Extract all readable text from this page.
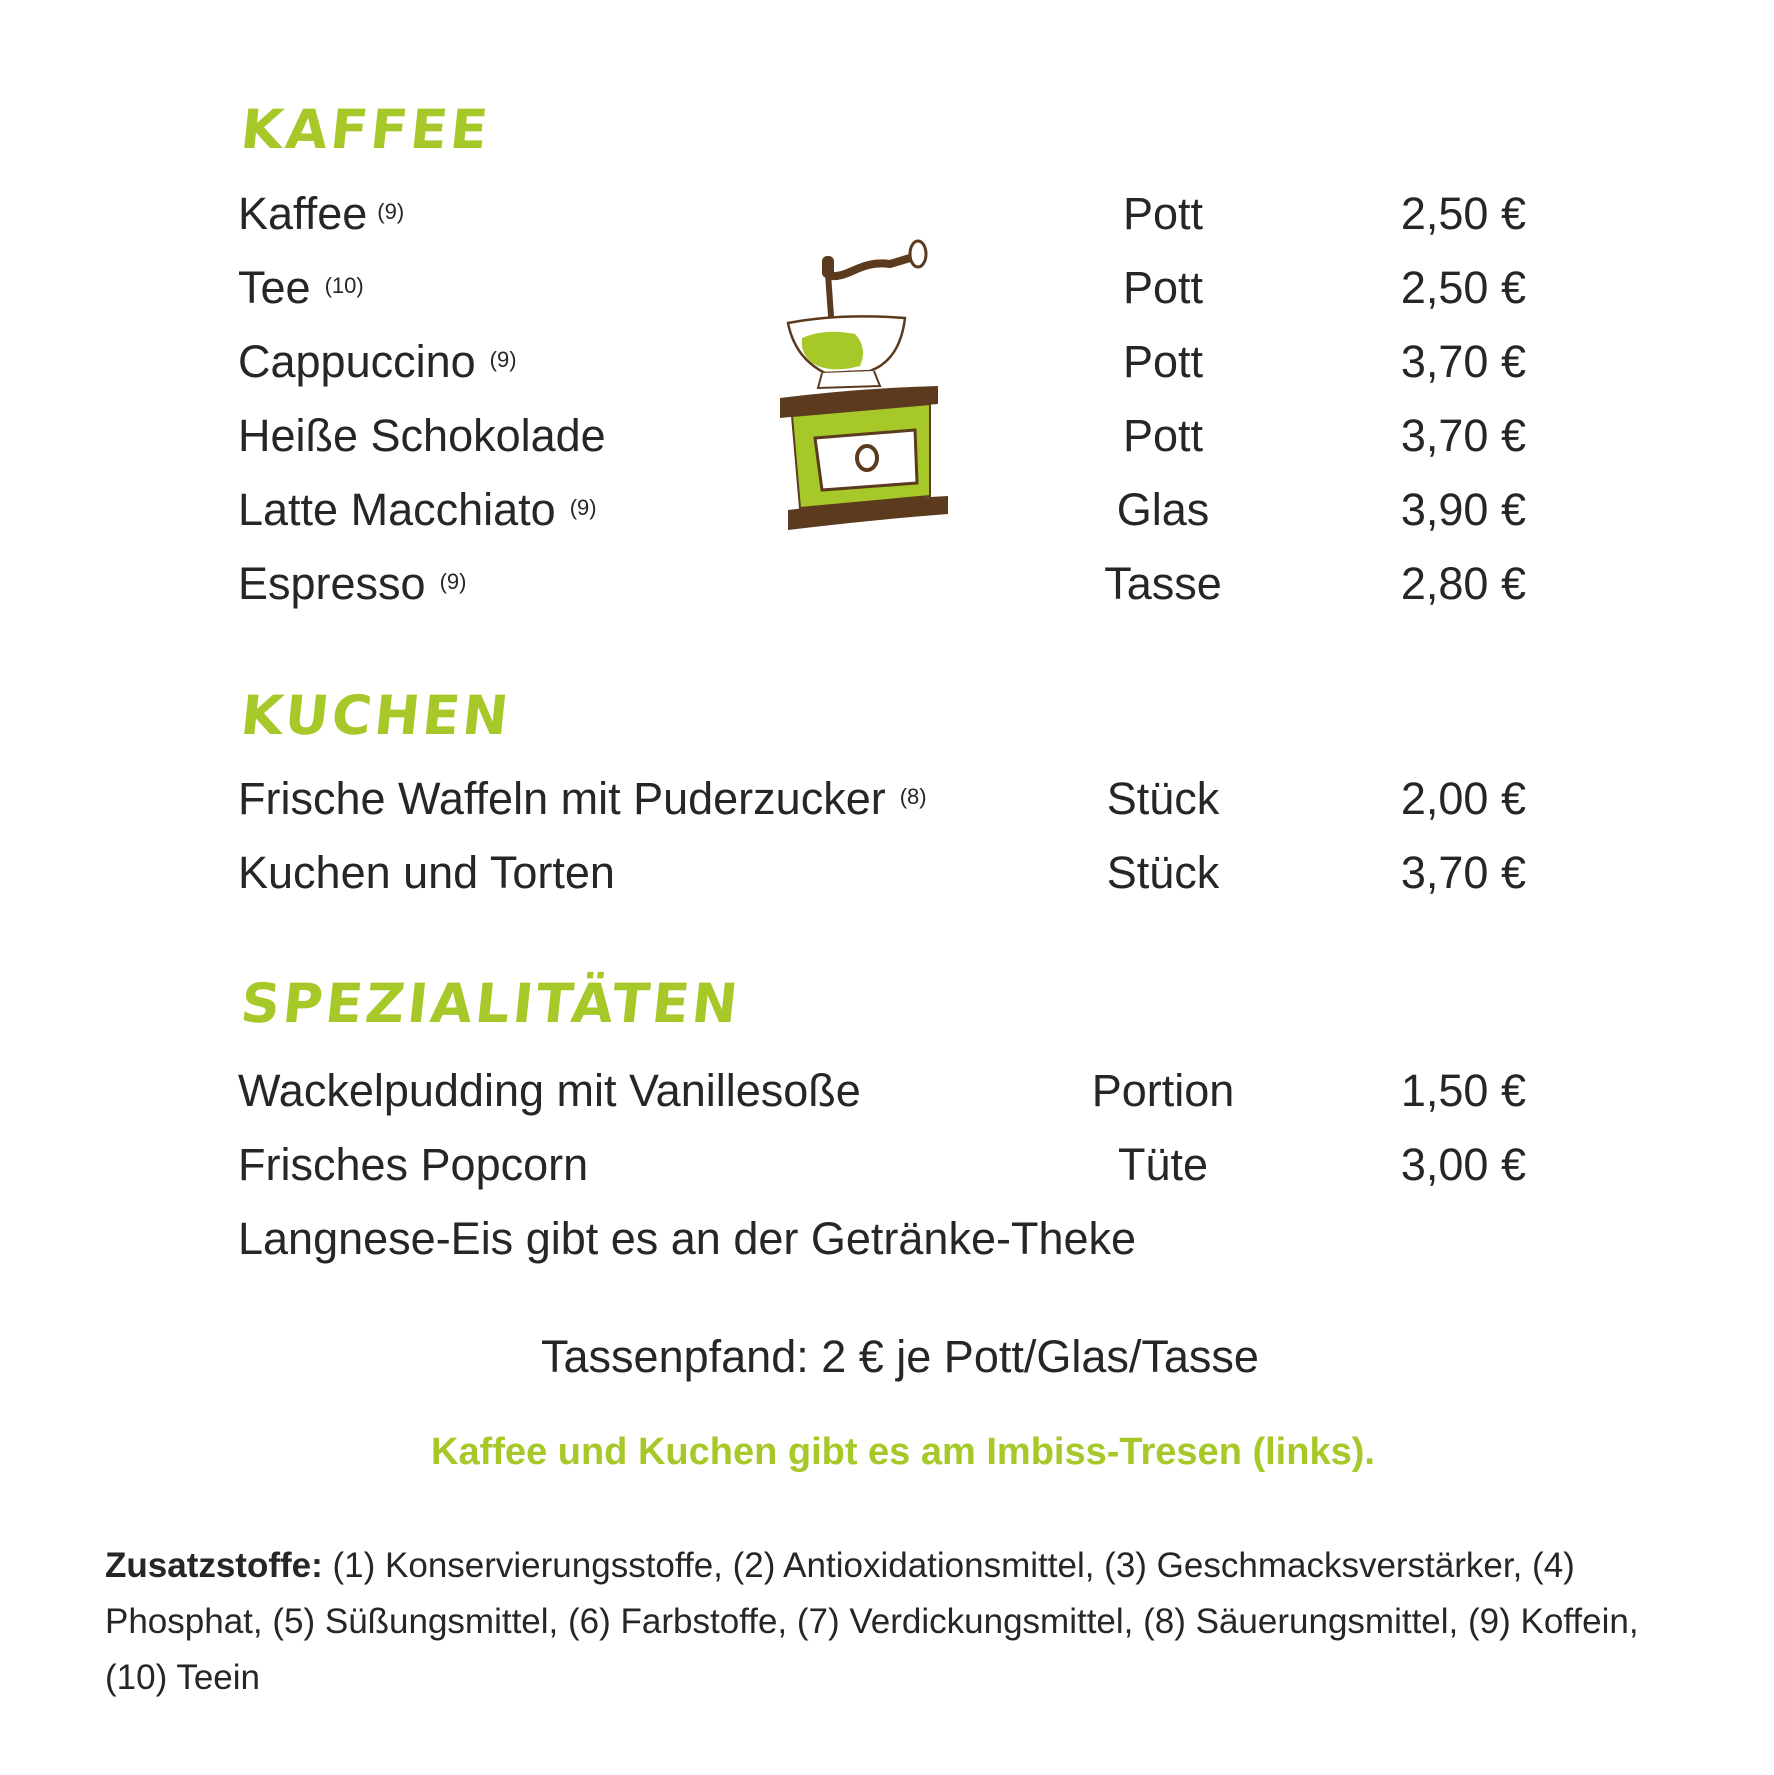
KAFFEE
Kaffee $^{(9)}$	Pott	2,50 €
Tee $^{(10)}$	Pott	2,50 €
Cappuccino $^{(9)}$	Pott	3,70 €
Heiße Schokolade	Pott	3,70 €
Latte Macchiato $^{(9)}$	Glas	3,90 €
Espresso $^{(9)}$	Tasse	2,80 €
KUCHEN
Frische Waffeln mit Puderzucker $^{(8)}$	Stück	2,00 €
Kuchen und Torten	Stück	3,70 €
SPEZIALITÄTEN
Wackelpudding mit Vanillesoße	Portion	1,50 €
Frisches Popcorn	Tüte	3,00 €
Langnese-Eis gibt es an der Getränke-Theke
Tassenpfand: 2 € je Pott/Glas/Tasse
Kaffee und Kuchen gibt es am Imbiss-Tresen (links).
Zusatzstoffe: (1) Konservierungsstoffe, (2) Antioxidationsmittel, (3) Geschmacksverstärker, (4) Phosphat, (5) Süßungsmittel, (6) Farbstoffe, (7) Verdickungsmittel, (8) Säuerungsmittel, (9) Koffein, (10) Teein
